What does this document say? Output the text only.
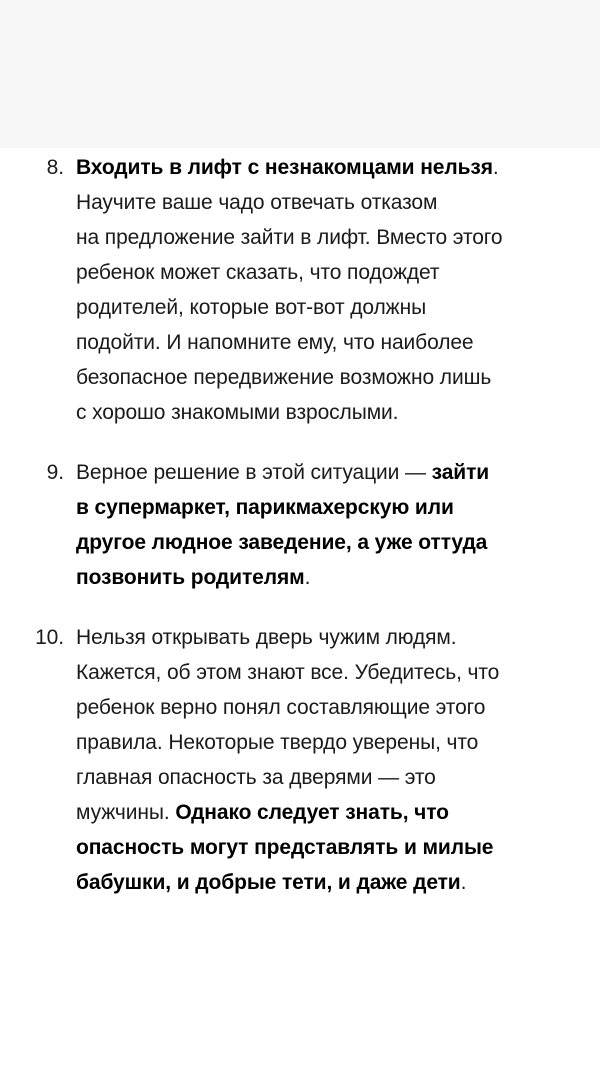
8. Входить в лифт с незнакомцами нельзя.
Научите ваше чадо отвечать отказом
на предложение зайти в лифт. Вместо этого
ребенок может сказать, что подождет
родителей, которые вот-вот должны
подойти. И напомните ему, что наиболее
безопасное передвижение возможно лишь
с хорошо знакомыми взрослыми.
9. Верное решение в этой ситуации — зайти
в супермаркет, парикмахерскую или
другое людное заведение, а уже оттуда
позвонить родителям.
10. Нельзя открывать дверь чужим людям.
Кажется, об этом знают все. Убедитесь, что
ребенок верно понял составляющие этого
правила. Некоторые твердо уверены, что
главная опасность за дверями — это
мужчины. Однако следует знать, что
опасность могут представлять и милые
бабушки, и добрые тети, и даже дети.
